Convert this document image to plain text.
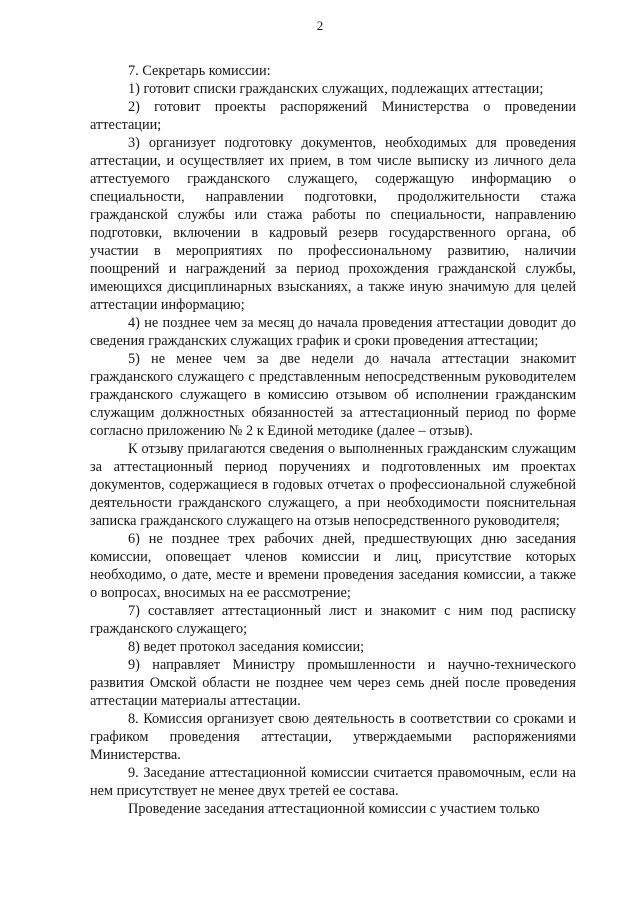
2

7. Секретарь комиссии:

1) готовит списки гражданских служащих, подлежащих аттестации;

2) готовит проекты распоряжений Министерства о проведении аттестации;

3) организует подготовку документов, необходимых для проведения аттестации, и осуществляет их прием, в том числе выписку из личного дела аттестуемого гражданского служащего, содержащую информацию о специальности, направлении подготовки, продолжительности стажа гражданской службы или стажа работы по специальности, направлению подготовки, включении в кадровый резерв государственного органа, об участии в мероприятиях по профессиональному развитию, наличии поощрений и награждений за период прохождения гражданской службы, имеющихся дисциплинарных взысканиях, а также иную значимую для целей аттестации информацию;

4) не позднее чем за месяц до начала проведения аттестации доводит до сведения гражданских служащих график и сроки проведения аттестации;

5) не менее чем за две недели до начала аттестации знакомит гражданского служащего с представленным непосредственным руководителем гражданского служащего в комиссию отзывом об исполнении гражданским служащим должностных обязанностей за аттестационный период по форме согласно приложению № 2 к Единой методике (далее – отзыв).

К отзыву прилагаются сведения о выполненных гражданским служащим за аттестационный период поручениях и подготовленных им проектах документов, содержащиеся в годовых отчетах о профессиональной служебной деятельности гражданского служащего, а при необходимости пояснительная записка гражданского служащего на отзыв непосредственного руководителя;

6) не позднее трех рабочих дней, предшествующих дню заседания комиссии, оповещает членов комиссии и лиц, присутствие которых необходимо, о дате, месте и времени проведения заседания комиссии, а также о вопросах, вносимых на ее рассмотрение;

7) составляет аттестационный лист и знакомит с ним под расписку гражданского служащего;

8) ведет протокол заседания комиссии;

9) направляет Министру промышленности и научно-технического развития Омской области не позднее чем через семь дней после проведения аттестации материалы аттестации.

8. Комиссия организует свою деятельность в соответствии со сроками и графиком проведения аттестации, утверждаемыми распоряжениями Министерства.

9. Заседание аттестационной комиссии считается правомочным, если на нем присутствует не менее двух третей ее состава.

Проведение заседания аттестационной комиссии с участием только
